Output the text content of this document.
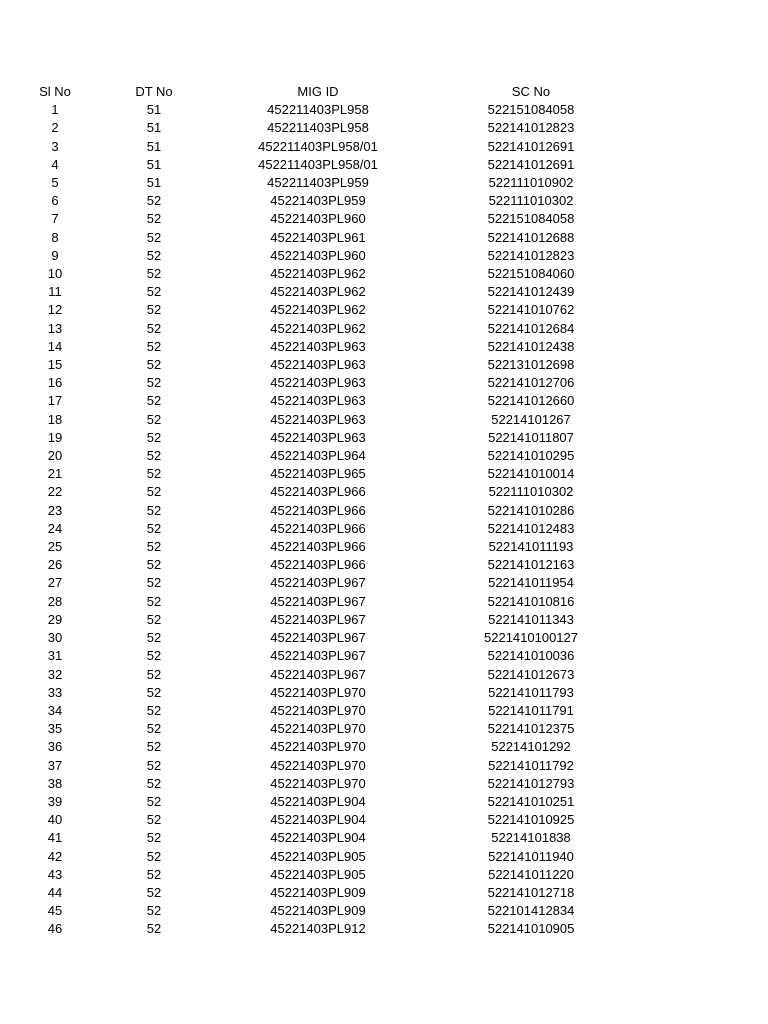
Sl No	DT No	MIG ID	SC No
1	51	452211403PL958	522151084058
2	51	452211403PL958	522141012823
3	51	452211403PL958/01	522141012691
4	51	452211403PL958/01	522141012691
5	51	452211403PL959	522111010902
6	52	45221403PL959	522111010302
7	52	45221403PL960	522151084058
8	52	45221403PL961	522141012688
9	52	45221403PL960	522141012823
10	52	45221403PL962	522151084060
11	52	45221403PL962	522141012439
12	52	45221403PL962	522141010762
13	52	45221403PL962	522141012684
14	52	45221403PL963	522141012438
15	52	45221403PL963	522131012698
16	52	45221403PL963	522141012706
17	52	45221403PL963	522141012660
18	52	45221403PL963	52214101267
19	52	45221403PL963	522141011807
20	52	45221403PL964	522141010295
21	52	45221403PL965	522141010014
22	52	45221403PL966	522111010302
23	52	45221403PL966	522141010286
24	52	45221403PL966	522141012483
25	52	45221403PL966	522141011193
26	52	45221403PL966	522141012163
27	52	45221403PL967	522141011954
28	52	45221403PL967	522141010816
29	52	45221403PL967	522141011343
30	52	45221403PL967	5221410100127
31	52	45221403PL967	522141010036
32	52	45221403PL967	522141012673
33	52	45221403PL970	522141011793
34	52	45221403PL970	522141011791
35	52	45221403PL970	522141012375
36	52	45221403PL970	52214101292
37	52	45221403PL970	522141011792
38	52	45221403PL970	522141012793
39	52	45221403PL904	522141010251
40	52	45221403PL904	522141010925
41	52	45221403PL904	52214101838
42	52	45221403PL905	522141011940
43	52	45221403PL905	522141011220
44	52	45221403PL909	522141012718
45	52	45221403PL909	522101412834
46	52	45221403PL912	522141010905
